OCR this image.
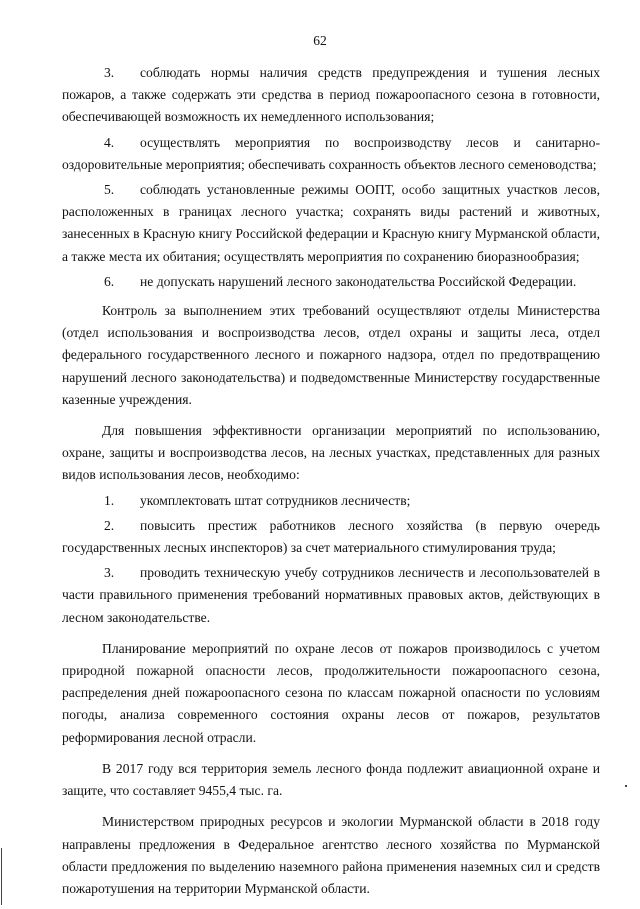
62

3. соблюдать нормы наличия средств предупреждения и тушения лесных пожаров, а также содержать эти средства в период пожароопасного сезона в готовности, обеспечивающей возможность их немедленного использования;

4. осуществлять мероприятия по воспроизводству лесов и санитарно-оздоровительные мероприятия; обеспечивать сохранность объектов лесного семеноводства;

5. соблюдать установленные режимы ООПТ, особо защитных участков лесов, расположенных в границах лесного участка; сохранять виды растений и животных, занесенных в Красную книгу Российской федерации и Красную книгу Мурманской области, а также места их обитания; осуществлять мероприятия по сохранению биоразнообразия;

6. не допускать нарушений лесного законодательства Российской Федерации.

Контроль за выполнением этих требований осуществляют отделы Министерства (отдел использования и воспроизводства лесов, отдел охраны и защиты леса, отдел федерального государственного лесного и пожарного надзора, отдел по предотвращению нарушений лесного законодательства) и подведомственные Министерству государственные казенные учреждения.

Для повышения эффективности организации мероприятий по использованию, охране, защиты и воспроизводства лесов, на лесных участках, представленных для разных видов использования лесов, необходимо:

1. укомплектовать штат сотрудников лесничеств;

2. повысить престиж работников лесного хозяйства (в первую очередь государственных лесных инспекторов) за счет материального стимулирования труда;

3. проводить техническую учебу сотрудников лесничеств и лесопользователей в части правильного применения требований нормативных правовых актов, действующих в лесном законодательстве.

Планирование мероприятий по охране лесов от пожаров производилось с учетом природной пожарной опасности лесов, продолжительности пожароопасного сезона, распределения дней пожароопасного сезона по классам пожарной опасности по условиям погоды, анализа современного состояния охраны лесов от пожаров, результатов реформирования лесной отрасли.

В 2017 году вся территория земель лесного фонда подлежит авиационной охране и защите, что составляет 9455,4 тыс. га.

Министерством природных ресурсов и экологии Мурманской области в 2018 году направлены предложения в Федеральное агентство лесного хозяйства по Мурманской области предложения по выделению наземного района применения наземных сил и средств пожаротушения на территории Мурманской области.
